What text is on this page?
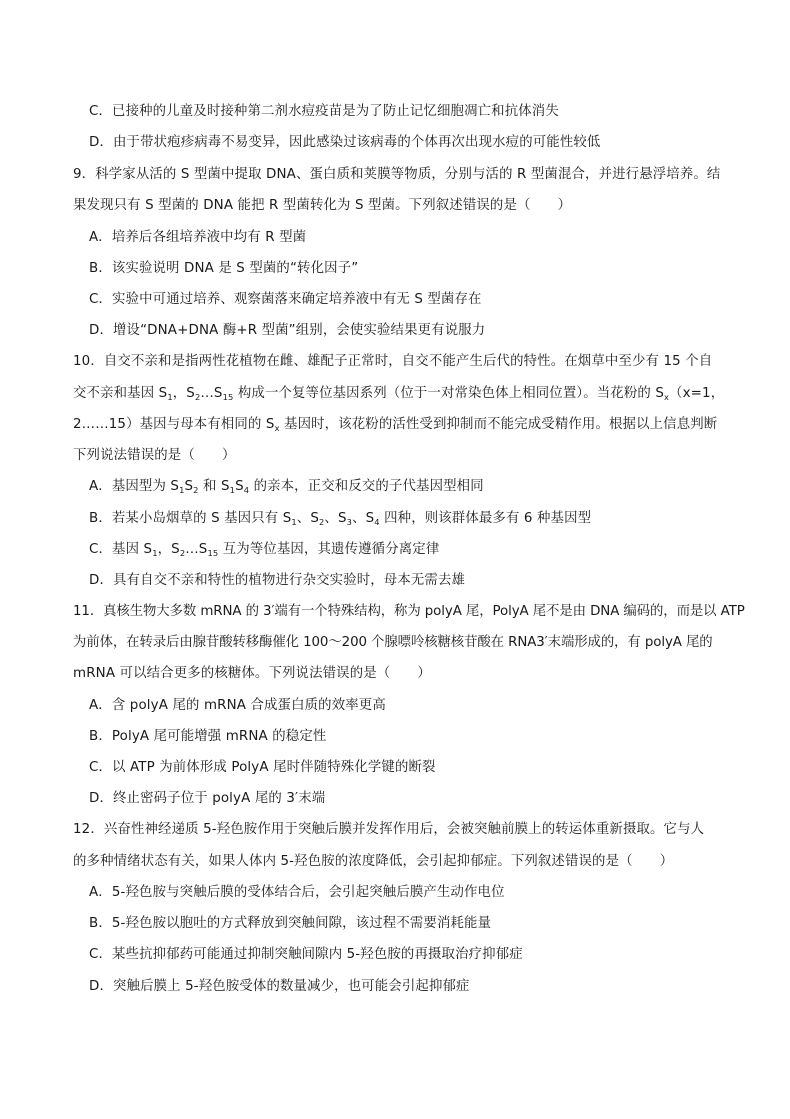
C．已接种的儿童及时接种第二剂水痘疫苗是为了防止记忆细胞凋亡和抗体消失
D．由于带状疱疹病毒不易变异，因此感染过该病毒的个体再次出现水痘的可能性较低
9．科学家从活的 S 型菌中提取 DNA、蛋白质和荚膜等物质，分别与活的 R 型菌混合，并进行悬浮培养。结
果发现只有 S 型菌的 DNA 能把 R 型菌转化为 S 型菌。下列叙述错误的是（　　）
A．培养后各组培养液中均有 R 型菌
B．该实验说明 DNA 是 S 型菌的“转化因子”
C．实验中可通过培养、观察菌落来确定培养液中有无 S 型菌存在
D．增设“DNA+DNA 酶+R 型菌”组别，会使实验结果更有说服力
10．自交不亲和是指两性花植物在雌、雄配子正常时，自交不能产生后代的特性。在烟草中至少有 15 个自
交不亲和基因 $S_1$，$S_2\dots S_{15}$ 构成一个复等位基因系列（位于一对常染色体上相同位置）。当花粉的 $S_x(x=1$，
2……15）基因与母本有相同的 $S_x$ 基因时，该花粉的活性受到抑制而不能完成受精作用。根据以上信息判断
下列说法错误的是（　　）
A．基因型为 $S_1S_2$ 和 $S_1S_4$ 的亲本，正交和反交的子代基因型相同
B．若某小岛烟草的 S 基因只有 $S_1$、$S_2$、$S_3$、$S_4$ 四种，则该群体最多有 6 种基因型
C．基因 $S_1$，$S_2\dots S_{15}$ 互为等位基因，其遗传遵循分离定律
D．具有自交不亲和特性的植物进行杂交实验时，母本无需去雄
11．真核生物大多数 mRNA 的 3′端有一个特殊结构，称为 polyA 尾，PolyA 尾不是由 DNA 编码的，而是以 ATP
为前体，在转录后由腺苷酸转移酶催化 100～200 个腺嘌呤核糖核苷酸在 RNA3′末端形成的，有 polyA 尾的
mRNA 可以结合更多的核糖体。下列说法错误的是（　　）
A．含 polyA 尾的 mRNA 合成蛋白质的效率更高
B．PolyA 尾可能增强 mRNA 的稳定性
C．以 ATP 为前体形成 PolyA 尾时伴随特殊化学键的断裂
D．终止密码子位于 polyA 尾的 3′末端
12．兴奋性神经递质 5-羟色胺作用于突触后膜并发挥作用后，会被突触前膜上的转运体重新摄取。它与人
的多种情绪状态有关，如果人体内 5-羟色胺的浓度降低，会引起抑郁症。下列叙述错误的是（　　）
A．5-羟色胺与突触后膜的受体结合后，会引起突触后膜产生动作电位
B．5-羟色胺以胞吐的方式释放到突触间隙，该过程不需要消耗能量
C．某些抗抑郁药可能通过抑制突触间隙内 5-羟色胺的再摄取治疗抑郁症
D．突触后膜上 5-羟色胺受体的数量减少，也可能会引起抑郁症
